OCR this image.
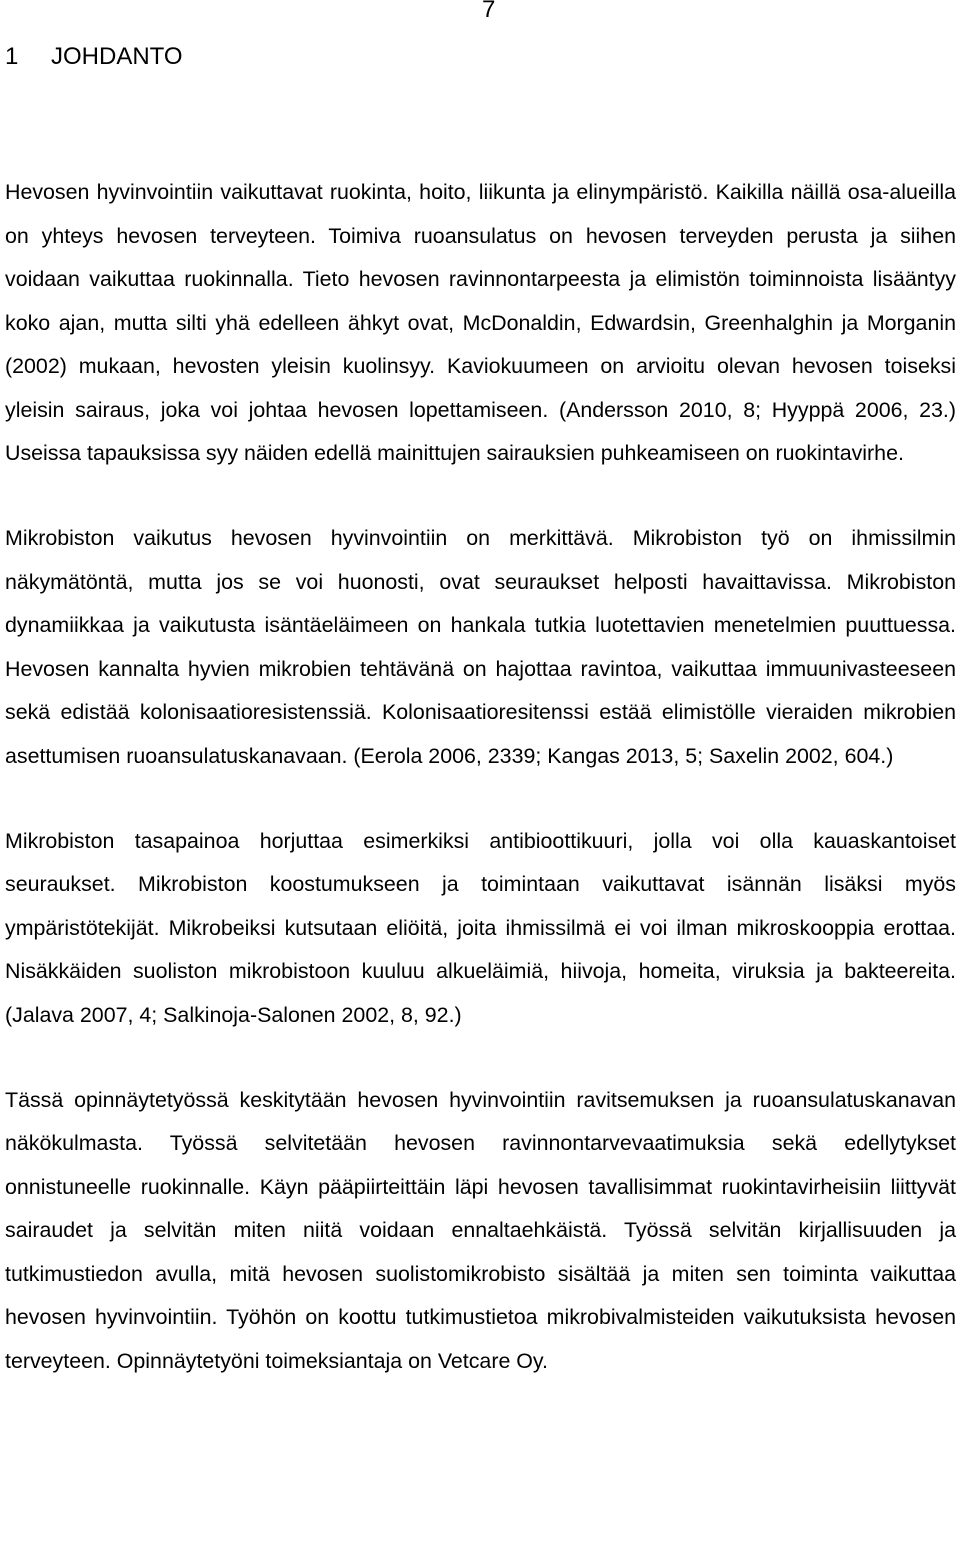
7
1 JOHDANTO

Hevosen hyvinvointiin vaikuttavat ruokinta, hoito, liikunta ja elinympäristö. Kaikilla näillä osa-alueilla on yhteys hevosen terveyteen. Toimiva ruoansulatus on hevosen terveyden perusta ja siihen voidaan vaikuttaa ruokinnalla. Tieto hevosen ravinnontarpeesta ja elimistön toiminnoista lisääntyy koko ajan, mutta silti yhä edelleen ähkyt ovat, McDonaldin, Edwardsin, Greenhalghin ja Morganin (2002) mukaan, hevosten yleisin kuolinsyy. Kaviokuumeen on arvioitu olevan hevosen toiseksi yleisin sairaus, joka voi johtaa hevosen lopettamiseen. (Andersson 2010, 8; Hyyppä 2006, 23.) Useissa tapauksissa syy näiden edellä mainittujen sairauksien puhkeamiseen on ruokintavirhe.

Mikrobiston vaikutus hevosen hyvinvointiin on merkittävä. Mikrobiston työ on ihmissilmin näkymätöntä, mutta jos se voi huonosti, ovat seuraukset helposti havaittavissa. Mikrobiston dynamiikkaa ja vaikutusta isäntäeläimeen on hankala tutkia luotettavien menetelmien puuttuessa. Hevosen kannalta hyvien mikrobien tehtävänä on hajottaa ravintoa, vaikuttaa immuunivasteeseen sekä edistää kolonisaatioresistenssiä. Kolonisaatioresitenssi estää elimistölle vieraiden mikrobien asettumisen ruoansulatuskanavaan. (Eerola 2006, 2339; Kangas 2013, 5; Saxelin 2002, 604.)

Mikrobiston tasapainoa horjuttaa esimerkiksi antibioottikuuri, jolla voi olla kauaskantoiset seuraukset. Mikrobiston koostumukseen ja toimintaan vaikuttavat isännän lisäksi myös ympäristötekijät. Mikrobeiksi kutsutaan eliöitä, joita ihmissilmä ei voi ilman mikroskooppia erottaa. Nisäkkäiden suoliston mikrobistoon kuuluu alkueläimiä, hiivoja, homeita, viruksia ja bakteereita. (Jalava 2007, 4; Salkinoja-Salonen 2002, 8, 92.)

Tässä opinnäytetyössä keskitytään hevosen hyvinvointiin ravitsemuksen ja ruoansulatuskanavan näkökulmasta. Työssä selvitetään hevosen ravinnontarvevaatimuksia sekä edellytykset onnistuneelle ruokinnalle. Käyn pääpiirteittäin läpi hevosen tavallisimmat ruokintavirheisiin liittyvät sairaudet ja selvitän miten niitä voidaan ennaltaehkäistä. Työssä selvitän kirjallisuuden ja tutkimustiedon avulla, mitä hevosen suolistomikrobisto sisältää ja miten sen toiminta vaikuttaa hevosen hyvinvointiin. Työhön on koottu tutkimustietoa mikrobivalmisteiden vaikutuksista hevosen terveyteen. Opinnäytetyöni toimeksiantaja on Vetcare Oy.
